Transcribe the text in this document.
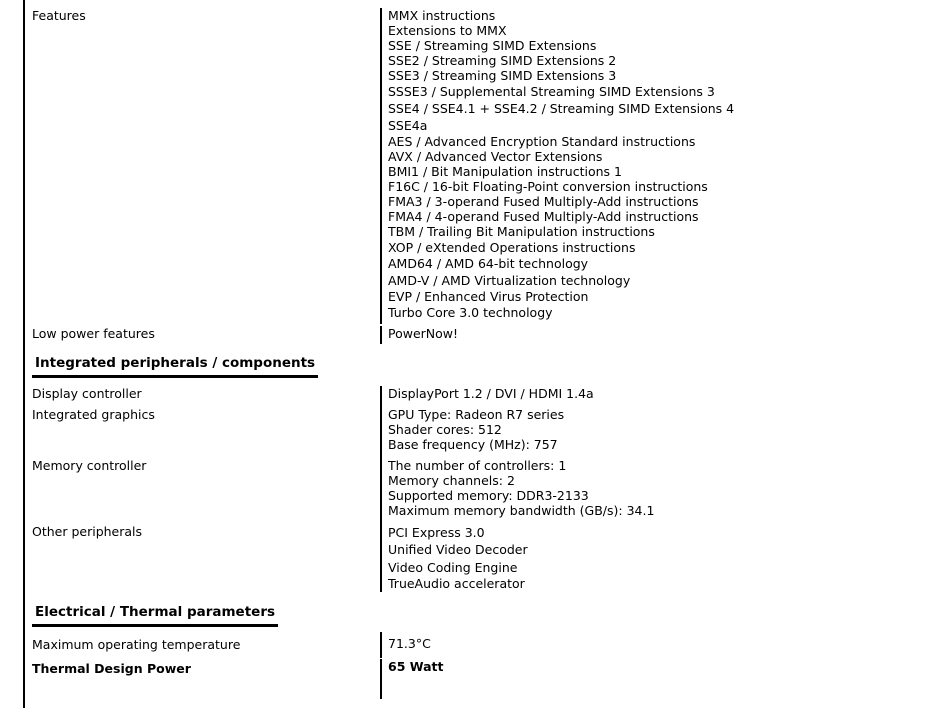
Features	MMX instructions
Extensions to MMX
SSE / Streaming SIMD Extensions
SSE2 / Streaming SIMD Extensions 2
SSE3 / Streaming SIMD Extensions 3
SSSE3 / Supplemental Streaming SIMD Extensions 3
SSE4 / SSE4.1 + SSE4.2 / Streaming SIMD Extensions 4
SSE4a
AES / Advanced Encryption Standard instructions
AVX / Advanced Vector Extensions
BMI1 / Bit Manipulation instructions 1
F16C / 16-bit Floating-Point conversion instructions
FMA3 / 3-operand Fused Multiply-Add instructions
FMA4 / 4-operand Fused Multiply-Add instructions
TBM / Trailing Bit Manipulation instructions
XOP / eXtended Operations instructions
AMD64 / AMD 64-bit technology
AMD-V / AMD Virtualization technology
EVP / Enhanced Virus Protection
Turbo Core 3.0 technology
Low power features	PowerNow!
Integrated peripherals / components
Display controller	DisplayPort 1.2 / DVI / HDMI 1.4a
Integrated graphics	GPU Type: Radeon R7 series
Shader cores: 512
Base frequency (MHz): 757
Memory controller	The number of controllers: 1
Memory channels: 2
Supported memory: DDR3-2133
Maximum memory bandwidth (GB/s): 34.1
Other peripherals	PCI Express 3.0
Unified Video Decoder
Video Coding Engine
TrueAudio accelerator
Electrical / Thermal parameters
Maximum operating temperature	71.3°C
Thermal Design Power	65 Watt
